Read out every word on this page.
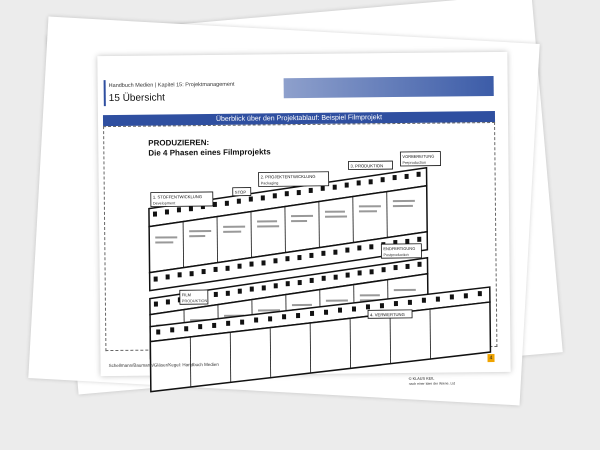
Handbuch Medien | Kapitel 15: Projektmanagement
15 Übersicht
Überblick über den Projektablauf: Beispiel Filmprojekt
PRODUZIEREN:
Die 4 Phasen eines Filmprojekts
1. STOFFENTWICKLUNG
Development
STOP
2. PROJEKTENTWICKLUNG
Packaging
3. PRODUKTION
VORBEREITUNG
Preproduction
ENDFERTIGUNG
Postproduction
FILM
PRODUKTION
4. VERWERTUNG
© KLAUS KEIL
nach einer Idee der Wiene. Ltd
Schellmann/Baumann/Gläser/Kegel: Handbuch Medien
4
